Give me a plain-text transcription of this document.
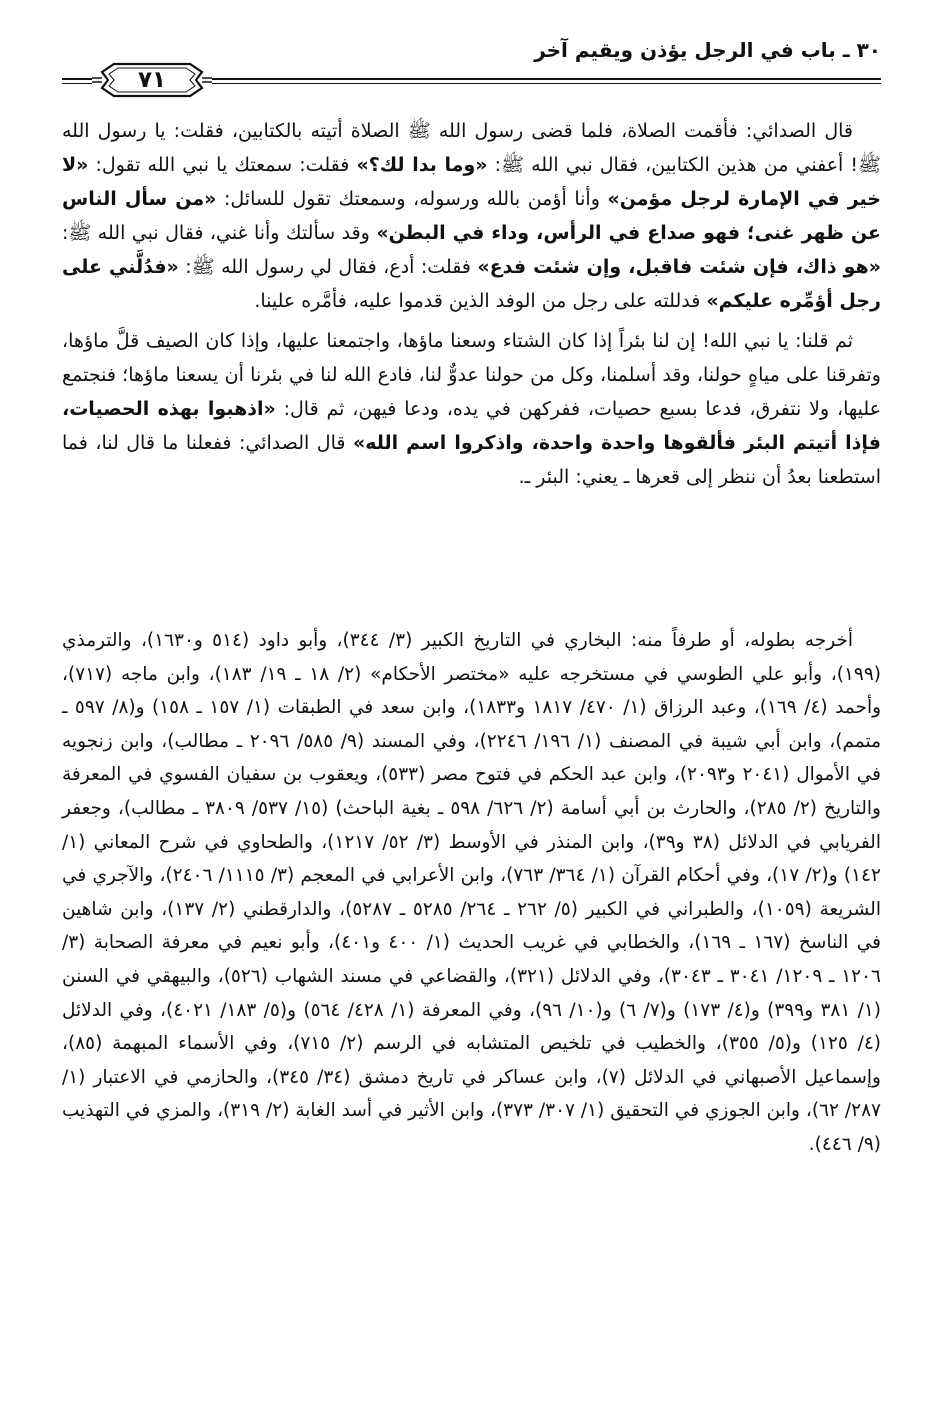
٣٠ ـ باب في الرجل يؤذن ويقيم آخر
٧١

قال الصدائي: فأقمت الصلاة، فلما قضى رسول الله ﷺ الصلاة أتيته بالكتابين، فقلت: يا رسول الله ﷺ! أعفني من هذين الكتابين، فقال نبي الله ﷺ: «وما بدا لك؟» فقلت: سمعتك يا نبي الله تقول: «لا خير في الإمارة لرجل مؤمن» وأنا أؤمن بالله ورسوله، وسمعتك تقول للسائل: «من سأل الناس عن ظهر غنى؛ فهو صداع في الرأس، وداء في البطن» وقد سألتك وأنا غني، فقال نبي الله ﷺ: «هو ذاك، فإن شئت فاقبل، وإن شئت فدع» فقلت: أدع، فقال لي رسول الله ﷺ: «فدُلَّني على رجل أؤمِّره عليكم» فدللته على رجل من الوفد الذين قدموا عليه، فأمَّره علينا.

ثم قلنا: يا نبي الله! إن لنا بئراً إذا كان الشتاء وسعنا ماؤها، واجتمعنا عليها، وإذا كان الصيف قلَّ ماؤها، وتفرقنا على مياهٍ حولنا، وقد أسلمنا، وكل من حولنا عدوٌّ لنا، فادع الله لنا في بئرنا أن يسعنا ماؤها؛ فنجتمع عليها، ولا نتفرق، فدعا بسبع حصيات، ففركهن في يده، ودعا فيهن، ثم قال: «اذهبوا بهذه الحصيات، فإذا أتيتم البئر فألقوها واحدة واحدة، واذكروا اسم الله» قال الصدائي: ففعلنا ما قال لنا، فما استطعنا بعدُ أن ننظر إلى قعرها ـ يعني: البئر ـ.

أخرجه بطوله، أو طرفاً منه: البخاري في التاريخ الكبير (٣/ ٣٤٤)، وأبو داود (٥١٤ و١٦٣٠)، والترمذي (١٩٩)، وأبو علي الطوسي في مستخرجه عليه «مختصر الأحكام» (٢/ ١٨ ـ ١٩/ ١٨٣)، وابن ماجه (٧١٧)، وأحمد (٤/ ١٦٩)، وعبد الرزاق (١/ ٤٧٠/ ١٨١٧ و١٨٣٣)، وابن سعد في الطبقات (١/ ١٥٧ ـ ١٥٨) و(٨/ ٥٩٧ ـ متمم)، وابن أبي شيبة في المصنف (١/ ١٩٦/ ٢٢٤٦)، وفي المسند (٩/ ٥٨٥/ ٢٠٩٦ ـ مطالب)، وابن زنجويه في الأموال (٢٠٤١ و٢٠٩٣)، وابن عبد الحكم في فتوح مصر (٥٣٣)، ويعقوب بن سفيان الفسوي في المعرفة والتاريخ (٢/ ٢٨٥)، والحارث بن أبي أسامة (٢/ ٦٢٦/ ٥٩٨ ـ بغية الباحث) (١٥/ ٥٣٧/ ٣٨٠٩ ـ مطالب)، وجعفر الفريابي في الدلائل (٣٨ و٣٩)، وابن المنذر في الأوسط (٣/ ٥٢/ ١٢١٧)، والطحاوي في شرح المعاني (١/ ١٤٢) و(٢/ ١٧)، وفي أحكام القرآن (١/ ٣٦٤/ ٧٦٣)، وابن الأعرابي في المعجم (٣/ ١١١٥/ ٢٤٠٦)، والآجري في الشريعة (١٠٥٩)، والطبراني في الكبير (٥/ ٢٦٢ ـ ٢٦٤/ ٥٢٨٥ ـ ٥٢٨٧)، والدارقطني (٢/ ١٣٧)، وابن شاهين في الناسخ (١٦٧ ـ ١٦٩)، والخطابي في غريب الحديث (١/ ٤٠٠ و٤٠١)، وأبو نعيم في معرفة الصحابة (٣/ ١٢٠٦ ـ ١٢٠٩/ ٣٠٤١ ـ ٣٠٤٣)، وفي الدلائل (٣٢١)، والقضاعي في مسند الشهاب (٥٢٦)، والبيهقي في السنن (١/ ٣٨١ و٣٩٩) و(٤/ ١٧٣) و(٧/ ٦) و(١٠/ ٩٦)، وفي المعرفة (١/ ٤٢٨/ ٥٦٤) و(٥/ ١٨٣/ ٤٠٢١)، وفي الدلائل (٤/ ١٢٥) و(٥/ ٣٥٥)، والخطيب في تلخيص المتشابه في الرسم (٢/ ٧١٥)، وفي الأسماء المبهمة (٨٥)، وإسماعيل الأصبهاني في الدلائل (٧)، وابن عساكر في تاريخ دمشق (٣٤/ ٣٤٥)، والحازمي في الاعتبار (١/ ٢٨٧/ ٦٢)، وابن الجوزي في التحقيق (١/ ٣٠٧/ ٣٧٣)، وابن الأثير في أسد الغابة (٢/ ٣١٩)، والمزي في التهذيب (٩/ ٤٤٦).
